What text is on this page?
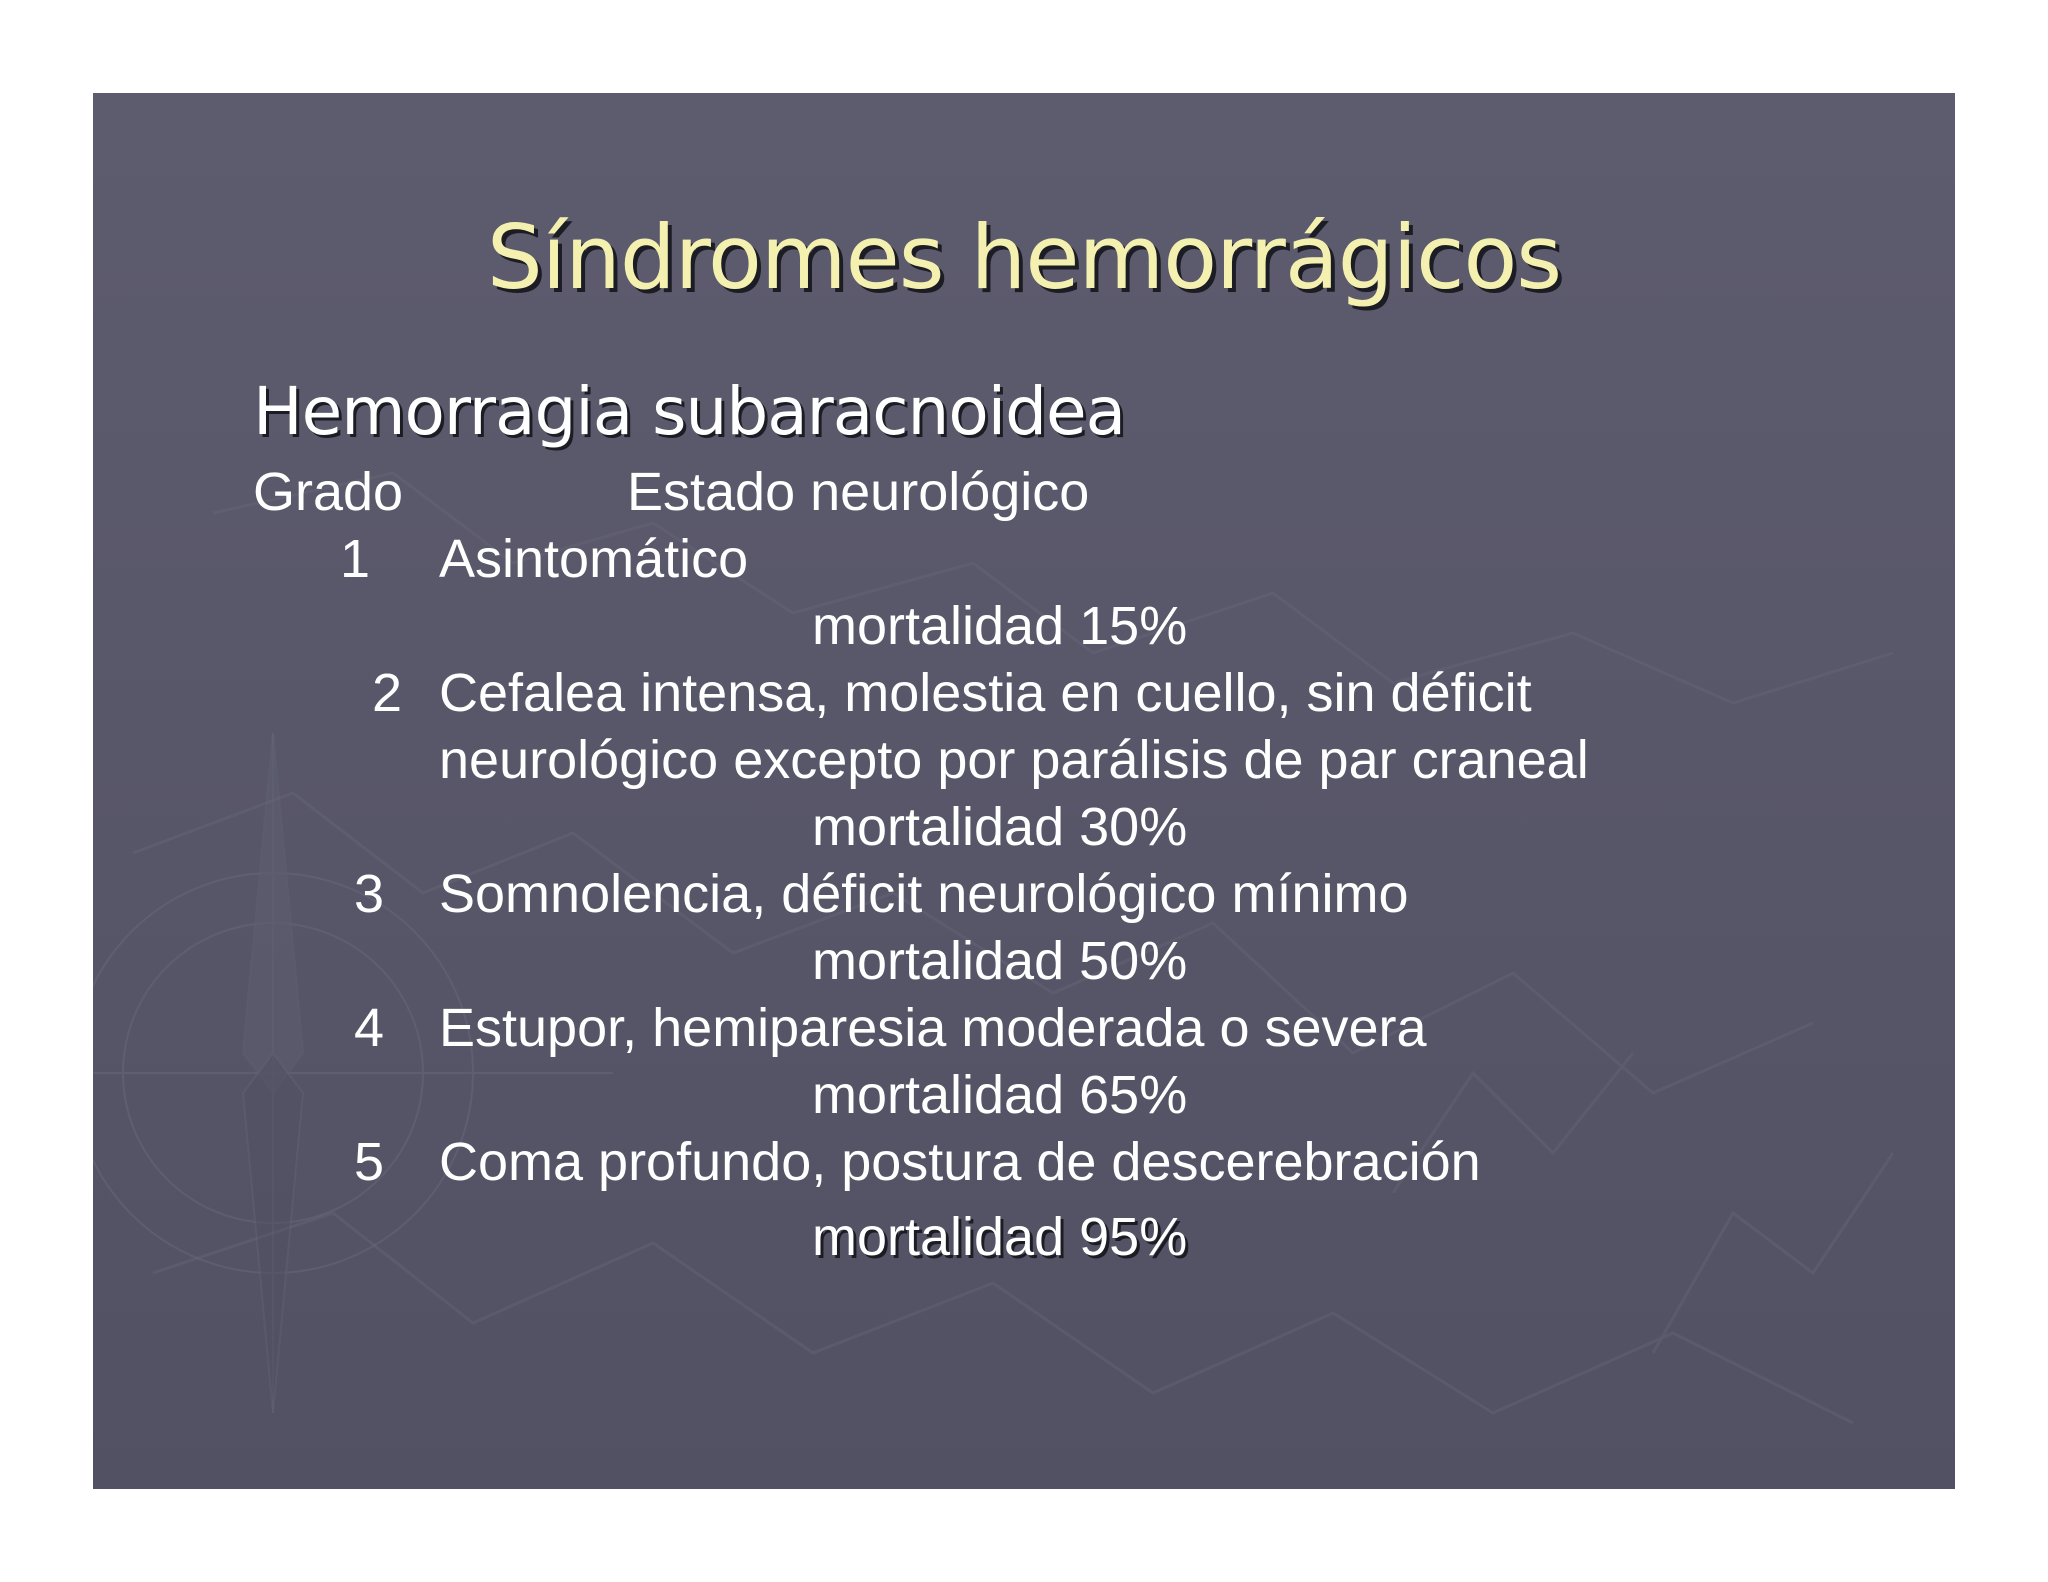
Síndromes hemorrágicos
Hemorragia subaracnoidea
Grado	Estado neurológico
1 Asintomático
mortalidad 15%
2 Cefalea intensa, molestia en cuello, sin déficit
neurológico excepto por parálisis de par craneal
mortalidad 30%
3 Somnolencia, déficit neurológico mínimo
mortalidad 50%
4 Estupor, hemiparesia moderada o severa
mortalidad 65%
5 Coma profundo, postura de descerebración
mortalidad 95%
